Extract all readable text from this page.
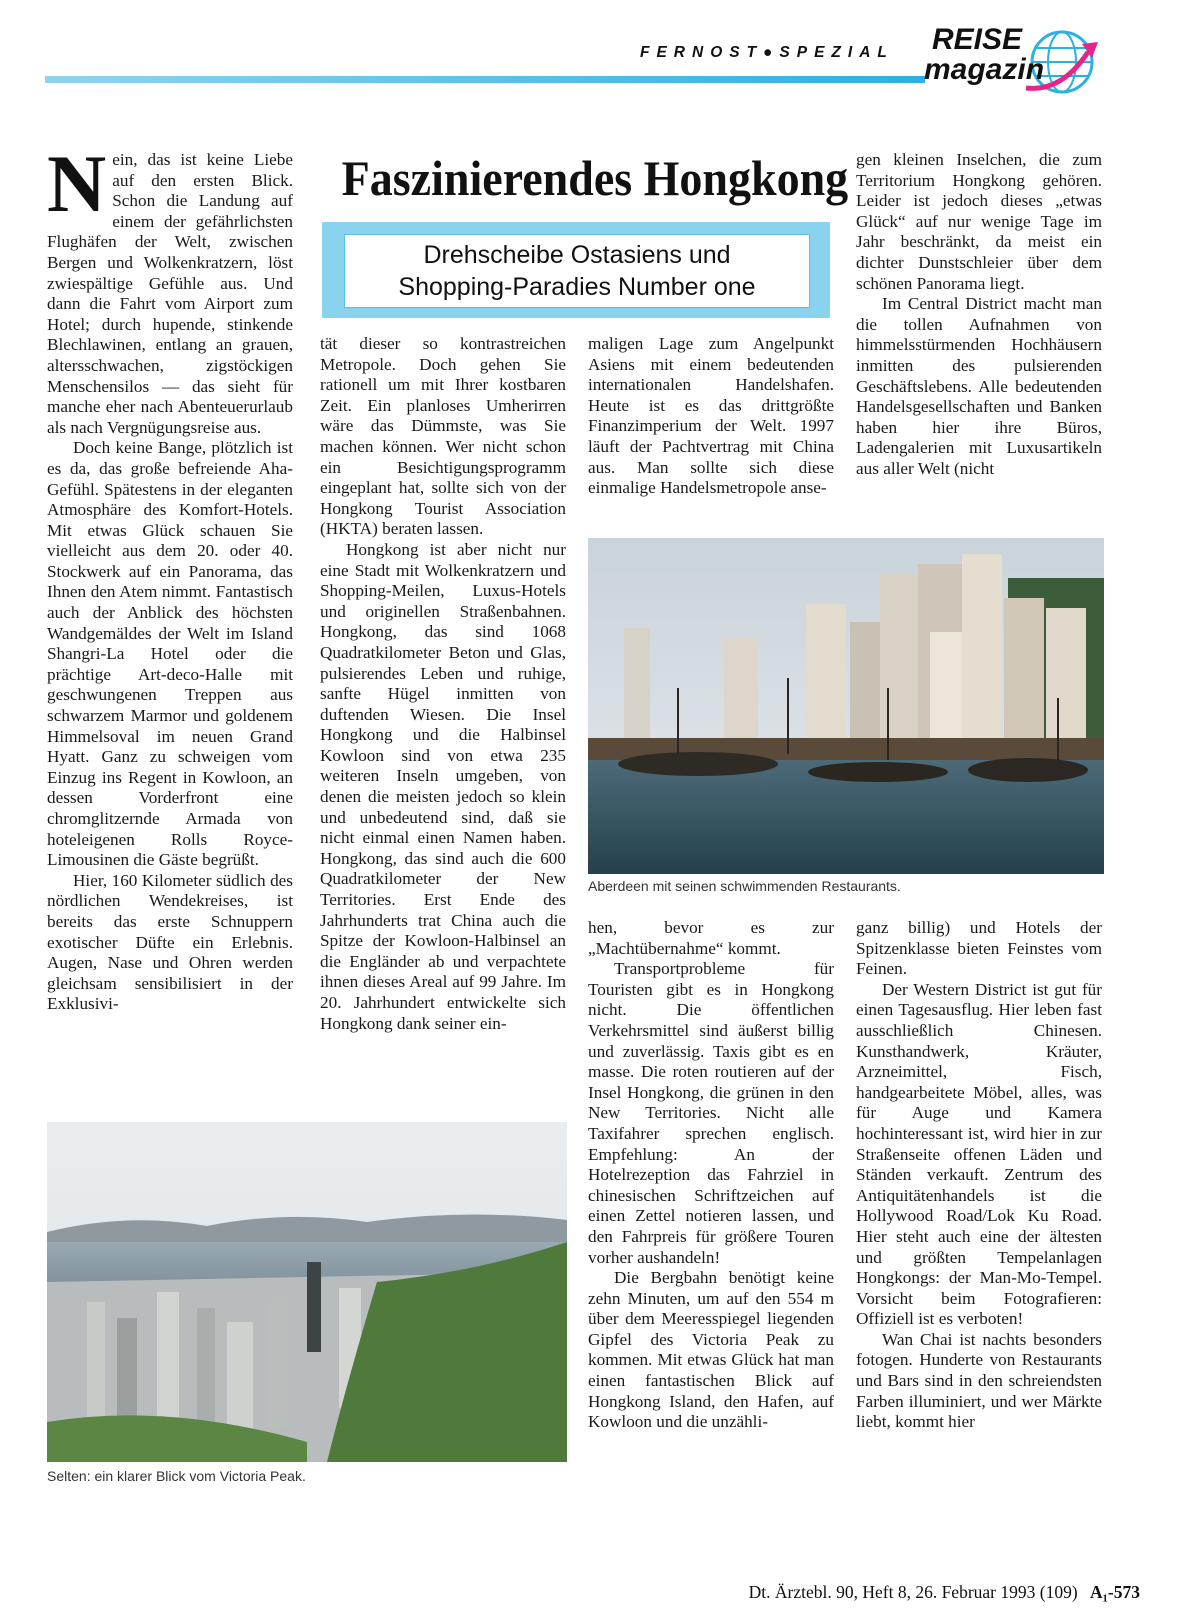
FERNOST●SPEZIAL REISE
magazin
Faszinierendes Hongkong
Drehscheibe Ostasiens und
Shopping-Paradies Number one

Nein, das ist keine Liebe auf den ersten Blick. Schon die Landung auf einem der gefährlichsten Flughäfen der Welt, zwischen Bergen und Wolkenkratzern, löst zwiespältige Gefühle aus. Und dann die Fahrt vom Airport zum Hotel; durch hupende, stinkende Blechlawinen, entlang an grauen, altersschwachen, zigstöckigen Menschensilos — das sieht für manche eher nach Abenteuerurlaub als nach Vergnügungsreise aus.

Doch keine Bange, plötzlich ist es da, das große befreiende Aha-Gefühl. Spätestens in der eleganten Atmosphäre des Komfort-Hotels. Mit etwas Glück schauen Sie vielleicht aus dem 20. oder 40. Stockwerk auf ein Panorama, das Ihnen den Atem nimmt. Fantastisch auch der Anblick des höchsten Wandgemäldes der Welt im Island Shangri-La Hotel oder die prächtige Art-deco-Halle mit geschwungenen Treppen aus schwarzem Marmor und goldenem Himmelsoval im neuen Grand Hyatt. Ganz zu schweigen vom Einzug ins Regent in Kowloon, an dessen Vorderfront eine chromglitzernde Armada von hoteleigenen Rolls Royce-Limousinen die Gäste begrüßt.

Hier, 160 Kilometer südlich des nördlichen Wendekreises, ist bereits das erste Schnuppern exotischer Düfte ein Erlebnis. Augen, Nase und Ohren werden gleichsam sensibilisiert in der Exklusivi-

tät dieser so kontrastreichen Metropole. Doch gehen Sie rationell um mit Ihrer kostbaren Zeit. Ein planloses Umherirren wäre das Dümmste, was Sie machen können. Wer nicht schon ein Besichtigungsprogramm eingeplant hat, sollte sich von der Hongkong Tourist Association (HKTA) beraten lassen.

Hongkong ist aber nicht nur eine Stadt mit Wolkenkratzern und Shopping-Meilen, Luxus-Hotels und originellen Straßenbahnen. Hongkong, das sind 1068 Quadratkilometer Beton und Glas, pulsierendes Leben und ruhige, sanfte Hügel inmitten von duftenden Wiesen. Die Insel Hongkong und die Halbinsel Kowloon sind von etwa 235 weiteren Inseln umgeben, von denen die meisten jedoch so klein und unbedeutend sind, daß sie nicht einmal einen Namen haben. Hongkong, das sind auch die 600 Quadratkilometer der New Territories. Erst Ende des Jahrhunderts trat China auch die Spitze der Kowloon-Halbinsel an die Engländer ab und verpachtete ihnen dieses Areal auf 99 Jahre. Im 20. Jahrhundert entwickelte sich Hongkong dank seiner ein-

maligen Lage zum Angelpunkt Asiens mit einem bedeutenden internationalen Handelshafen. Heute ist es das drittgrößte Finanzimperium der Welt. 1997 läuft der Pachtvertrag mit China aus. Man sollte sich diese einmalige Handelsmetropole anse-

gen kleinen Inselchen, die zum Territorium Hongkong gehören. Leider ist jedoch dieses „etwas Glück“ auf nur wenige Tage im Jahr beschränkt, da meist ein dichter Dunstschleier über dem schönen Panorama liegt.

Im Central District macht man die tollen Aufnahmen von himmelsstürmenden Hochhäusern inmitten des pulsierenden Geschäftslebens. Alle bedeutenden Handelsgesellschaften und Banken haben hier ihre Büros, Ladengalerien mit Luxusartikeln aus aller Welt (nicht

Aberdeen mit seinen schwimmenden Restaurants.

hen, bevor es zur „Machtübernahme“ kommt.

Transportprobleme für Touristen gibt es in Hongkong nicht. Die öffentlichen Verkehrsmittel sind äußerst billig und zuverlässig. Taxis gibt es en masse. Die roten routieren auf der Insel Hongkong, die grünen in den New Territories. Nicht alle Taxifahrer sprechen englisch. Empfehlung: An der Hotelrezeption das Fahrziel in chinesischen Schriftzeichen auf einen Zettel notieren lassen, und den Fahrpreis für größere Touren vorher aushandeln!

Die Bergbahn benötigt keine zehn Minuten, um auf den 554 m über dem Meeresspiegel liegenden Gipfel des Victoria Peak zu kommen. Mit etwas Glück hat man einen fantastischen Blick auf Hongkong Island, den Hafen, auf Kowloon und die unzähli-

ganz billig) und Hotels der Spitzenklasse bieten Feinstes vom Feinen.

Der Western District ist gut für einen Tagesausflug. Hier leben fast ausschließlich Chinesen. Kunsthandwerk, Kräuter, Arzneimittel, Fisch, handgearbeitete Möbel, alles, was für Auge und Kamera hochinteressant ist, wird hier in zur Straßenseite offenen Läden und Ständen verkauft. Zentrum des Antiquitätenhandels ist die Hollywood Road/Lok Ku Road. Hier steht auch eine der ältesten und größten Tempelanlagen Hongkongs: der Man-Mo-Tempel. Vorsicht beim Fotografieren: Offiziell ist es verboten!

Wan Chai ist nachts besonders fotogen. Hunderte von Restaurants und Bars sind in den schreiendsten Farben illuminiert, und wer Märkte liebt, kommt hier

Selten: ein klarer Blick vom Victoria Peak.
Dt. Ärztebl. 90, Heft 8, 26. Februar 1993 (109) A₁-573
